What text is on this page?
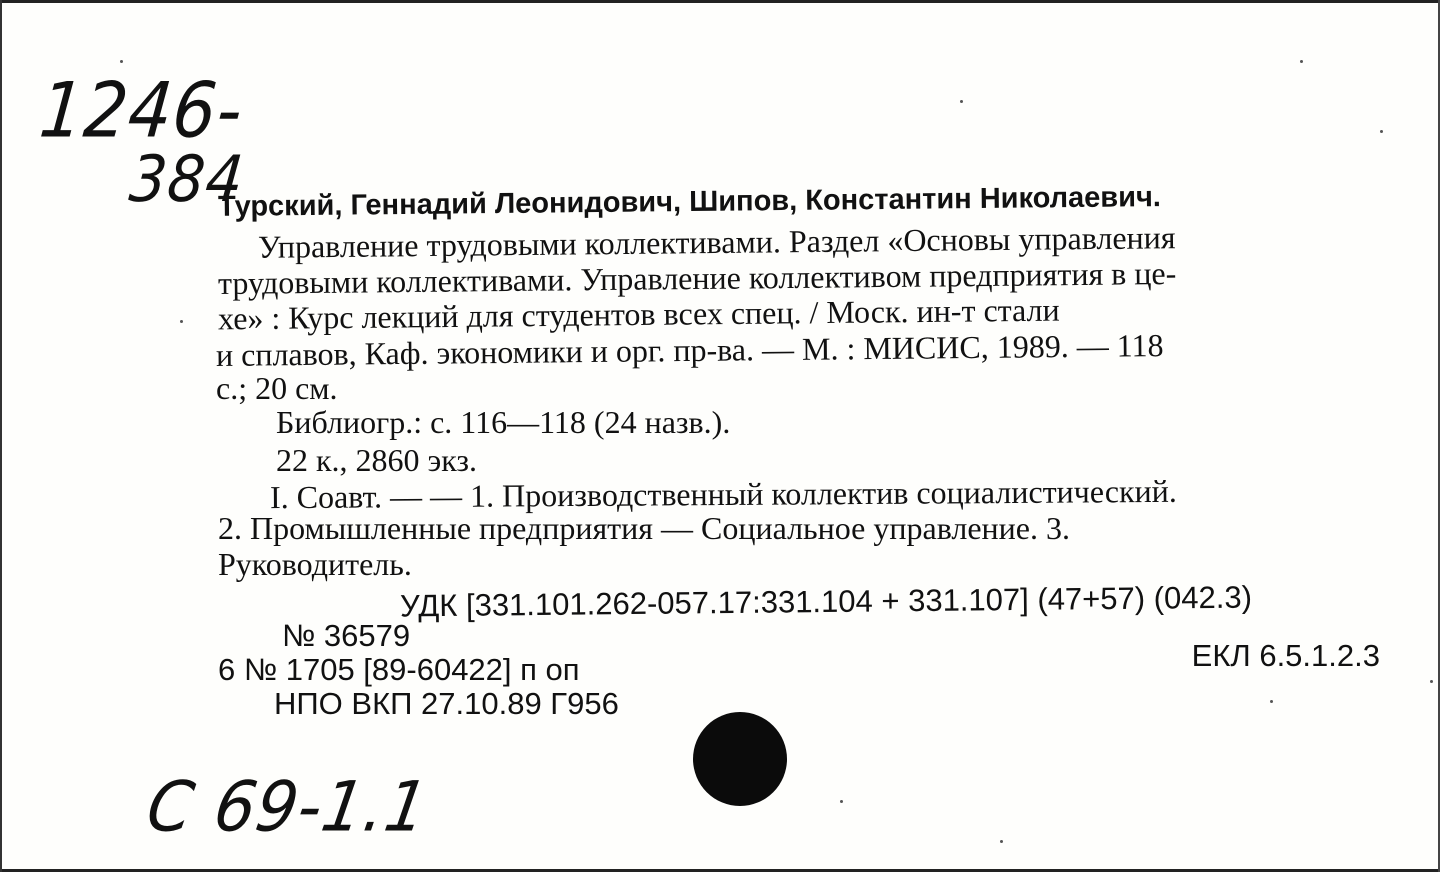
1246-
384
Турский, Геннадий Леонидович, Шипов, Константин Николаевич.
Управление трудовыми коллективами. Раздел «Основы управления
трудовыми коллективами. Управление коллективом предприятия в це-
хе» : Курс лекций для студентов всех спец. / Моск. ин-т стали
и сплавов, Каф. экономики и орг. пр-ва. — М. : МИСИС, 1989. — 118
с.; 20 см.
Библиогр.: с. 116—118 (24 назв.).
22 к., 2860 экз.
I. Соавт. — — 1. Производственный коллектив социалистический.
2. Промышленные предприятия — Социальное управление. 3.
Руководитель.
УДК [331.101.262-057.17:331.104 + 331.107] (47+57) (042.3)
№ 36579
6 № 1705 [89-60422] п оп	ЕКЛ 6.5.1.2.3
НПО ВКП 27.10.89 Г956
С 69-1.1
